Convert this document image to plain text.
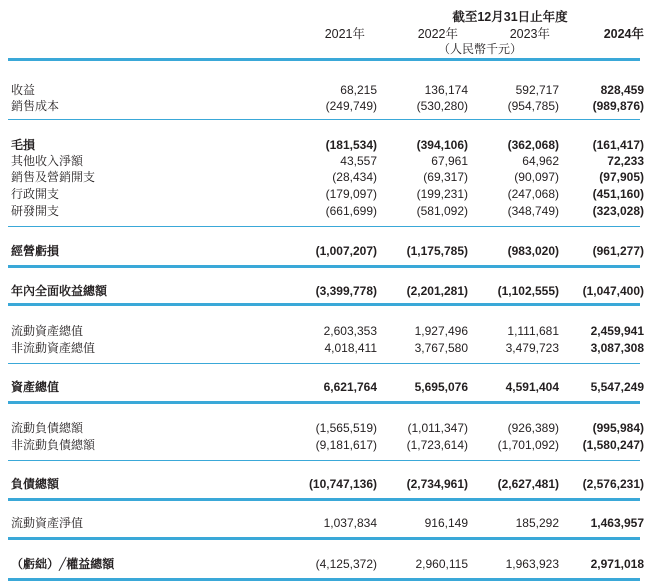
截至12月31日止年度
2021年	2022年	2023年	2024年
（人民幣千元）
收益	68,215	136,174	592,717	828,459
銷售成本	(249,749)	(530,280)	(954,785)	(989,876)
毛損	(181,534)	(394,106)	(362,068)	(161,417)
其他收入淨額	43,557	67,961	64,962	72,233
銷售及營銷開支	(28,434)	(69,317)	(90,097)	(97,905)
行政開支	(179,097)	(199,231)	(247,068)	(451,160)
研發開支	(661,699)	(581,092)	(348,749)	(323,028)
經營虧損	(1,007,207) (1,175,785)	(983,020)	(961,277)
年內全面收益總額	(3,399,778) (2,201,281) (1,102,555) (1,047,400)
流動資產總值	2,603,353	1,927,496	1,111,681	2,459,941
非流動資產總值	4,018,411	3,767,580	3,479,723	3,087,308
資產總值	6,621,764	5,695,076	4,591,404	5,547,249
流動負債總額	(1,565,519)	(1,011,347)	(926,389)	(995,984)
非流動負債總額	(9,181,617) (1,723,614) (1,701,092) (1,580,247)
負債總額	(10,747,136) (2,734,961) (2,627,481) (2,576,231)
流動資產淨值	1,037,834	916,149	185,292	1,463,957
（虧絀）╱權益總額	(4,125,372)	2,960,115	1,963,923	2,971,018
